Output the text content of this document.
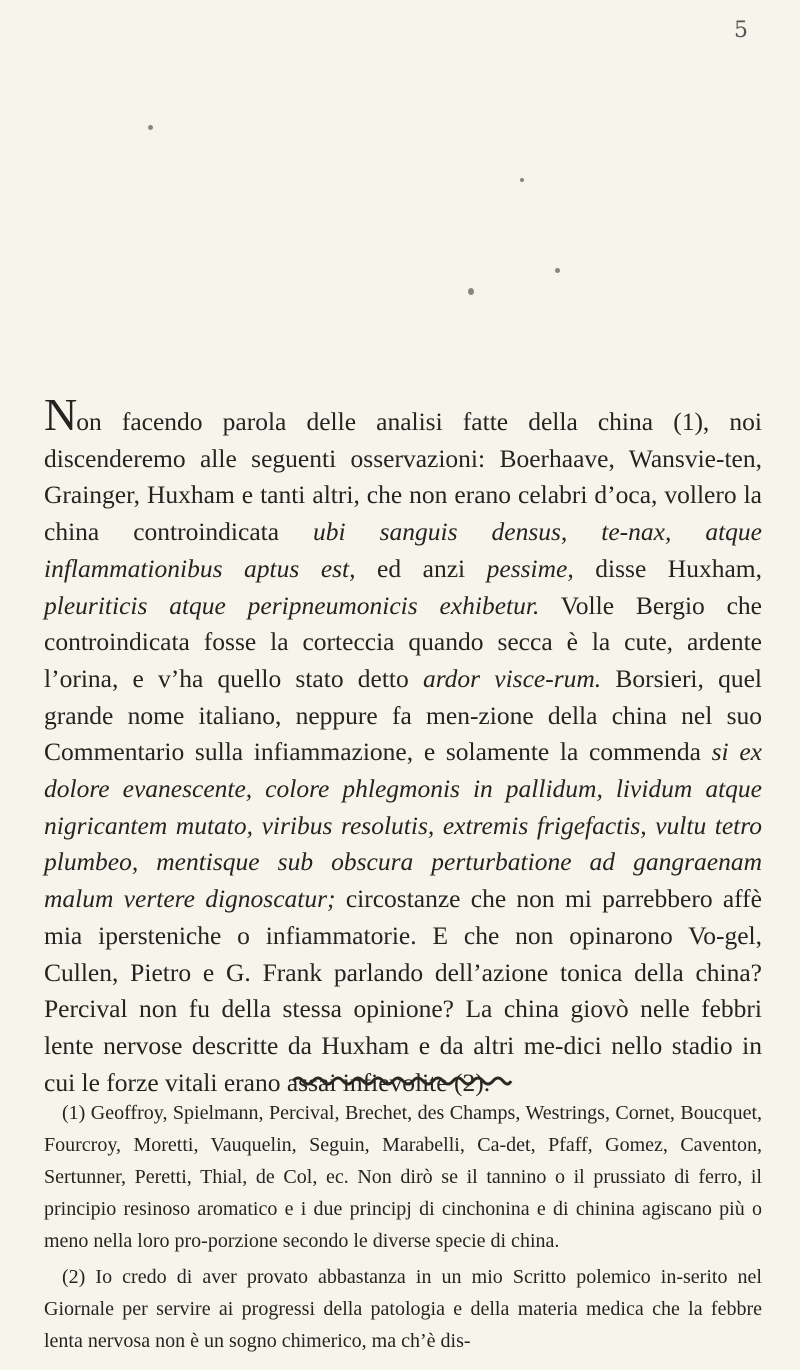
5

Non facendo parola delle analisi fatte della china (1), noi discenderemo alle seguenti osservazioni: Boerhaave, Wansvie-ten, Grainger, Huxham e tanti altri, che non erano celabri d’oca, vollero la china controindicata ubi sanguis densus, te-nax, atque inflammationibus aptus est, ed anzi pessime, disse Huxham, pleuriticis atque peripneumonicis exhibetur. Volle Bergio che controindicata fosse la corteccia quando secca è la cute, ardente l’orina, e v’ha quello stato detto ardor visce-rum. Borsieri, quel grande nome italiano, neppure fa men-zione della china nel suo Commentario sulla infiammazione, e solamente la commenda si ex dolore evanescente, colore phlegmonis in pallidum, lividum atque nigricantem mutato, viribus resolutis, extremis frigefactis, vultu tetro plumbeo, mentisque sub obscura perturbatione ad gangraenam malum vertere dignoscatur; circostanze che non mi parrebbero affè mia ipersteniche o infiammatorie. E che non opinarono Vo-gel, Cullen, Pietro e G. Frank parlando dell’azione tonica della china? Percival non fu della stessa opinione? La china giovò nelle febbri lente nervose descritte da Huxham e da altri me-dici nello stadio in cui le forze vitali erano assai infievolite (2).

(1) Geoffroy, Spielmann, Percival, Brechet, des Champs, Westrings, Cornet, Boucquet, Fourcroy, Moretti, Vauquelin, Seguin, Marabelli, Ca-det, Pfaff, Gomez, Caventon, Sertunner, Peretti, Thial, de Col, ec. Non dirò se il tannino o il prussiato di ferro, il principio resinoso aromatico e i due principj di cinchonina e di chinina agiscano più o meno nella loro pro-porzione secondo le diverse specie di china.

(2) Io credo di aver provato abbastanza in un mio Scritto polemico in-serito nel Giornale per servire ai progressi della patologia e della materia medica che la febbre lenta nervosa non è un sogno chimerico, ma ch’è dis-
